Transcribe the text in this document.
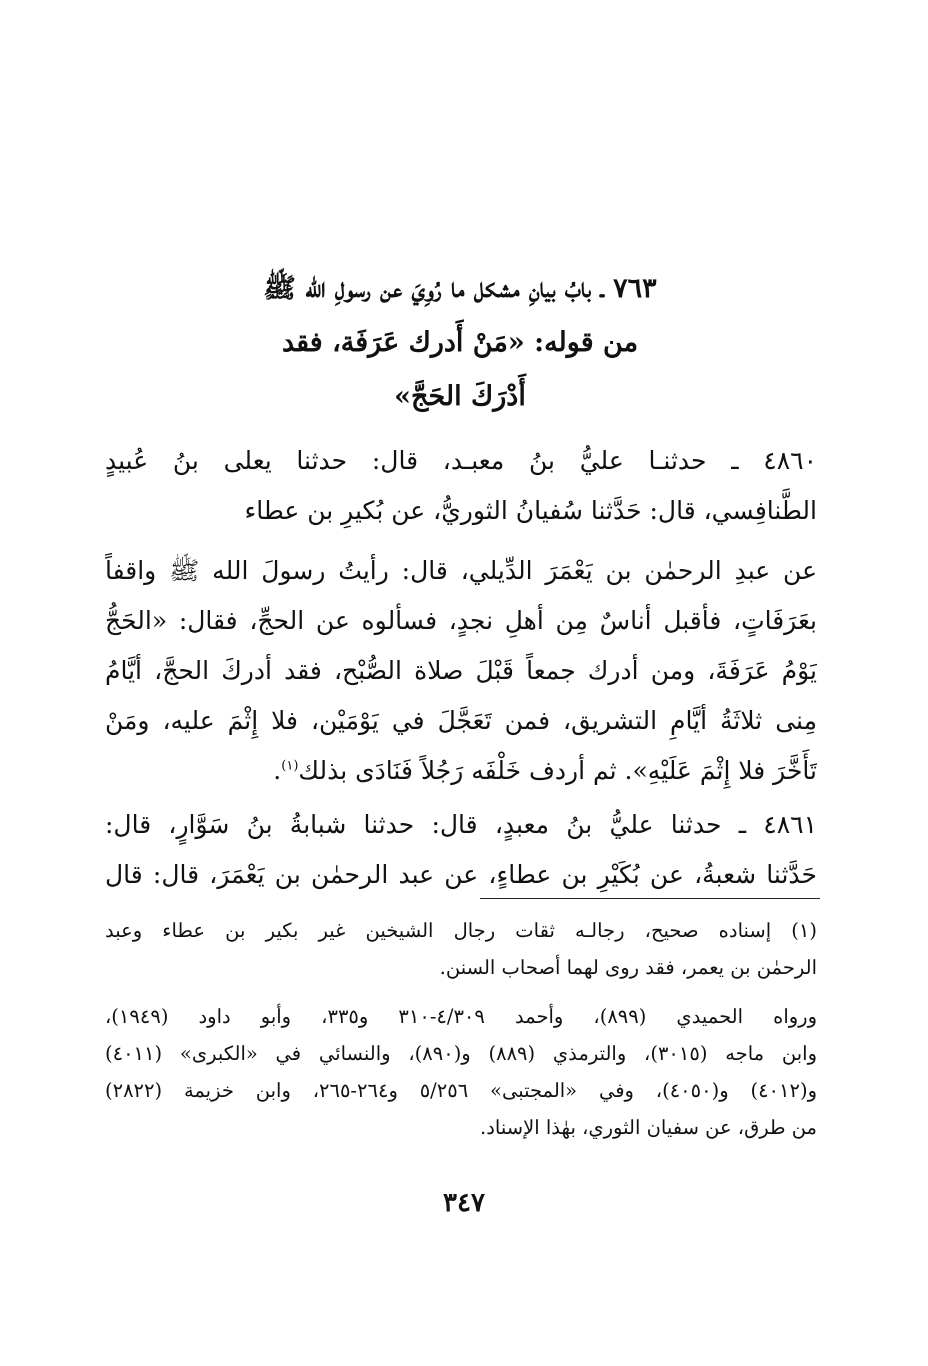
٧٦٣ ـ بابُ بيانِ مشكل ما رُوِيَ عن رسولِ الله ﷺ
من قوله: «مَنْ أَدرك عَرَفَة، فقد
أَدْرَكَ الحَجَّ»
٤٨٦٠ ـ حدثنـا عليُّ بنُ معبـد، قال: حدثنا يعلى بنُ عُبيدٍ
الطَّنافِسي، قال: حَدَّثنا سُفيانُ الثوريُّ، عن بُكيرِ بن عطاء
عن عبدِ الرحمٰن بن يَعْمَرَ الدِّيلي، قال: رأيتُ رسولَ الله ﷺ واقفاً
بعَرَفَاتٍ، فأقبل أناسٌ مِن أهلِ نجدٍ، فسألوه عن الحجِّ، فقال: «الحَجُّ
يَوْمُ عَرَفَةَ، ومن أدرك جمعاً قَبْلَ صلاة الصُّبْح، فقد أدركَ الحجَّ، أيَّامُ
مِنى ثلاثَةُ أيَّامِ التشريق، فمن تَعَجَّلَ في يَوْمَيْن، فلا إِثْمَ عليه، ومَنْ
تَأَخَّرَ فلا إِثْمَ عَلَيْهِ». ثم أردف خَلْفَه رَجُلاً فَنَادَى بذلك$^{(١)}$.
٤٨٦١ ـ حدثنا عليُّ بنُ معبدٍ، قال: حدثنا شبابةُ بنُ سَوَّارٍ، قال:
حَدَّثنا شعبةُ، عن بُكَيْرِ بن عطاءٍ، عن عبد الرحمٰن بن يَعْمَرَ، قال: قال
(١) إسناده صحيح، رجالـه ثقات رجال الشيخين غير بكير بن عطاء وعبد
الرحمٰن بن يعمر، فقد روى لهما أصحاب السنن.
ورواه الحميدي (٨٩٩)، وأحمد ٤/٣٠٩-٣١٠ و٣٣٥، وأبو داود (١٩٤٩)،
وابن ماجه (٣٠١٥)، والترمذي (٨٨٩) و(٨٩٠)، والنسائي في «الكبرى» (٤٠١١)
و(٤٠١٢) و(٤٠٥٠)، وفي «المجتبى» ٥/٢٥٦ و٢٦٤-٢٦٥، وابن خزيمة (٢٨٢٢)
من طرق، عن سفيان الثوري، بهٰذا الإسناد.
٣٤٧
